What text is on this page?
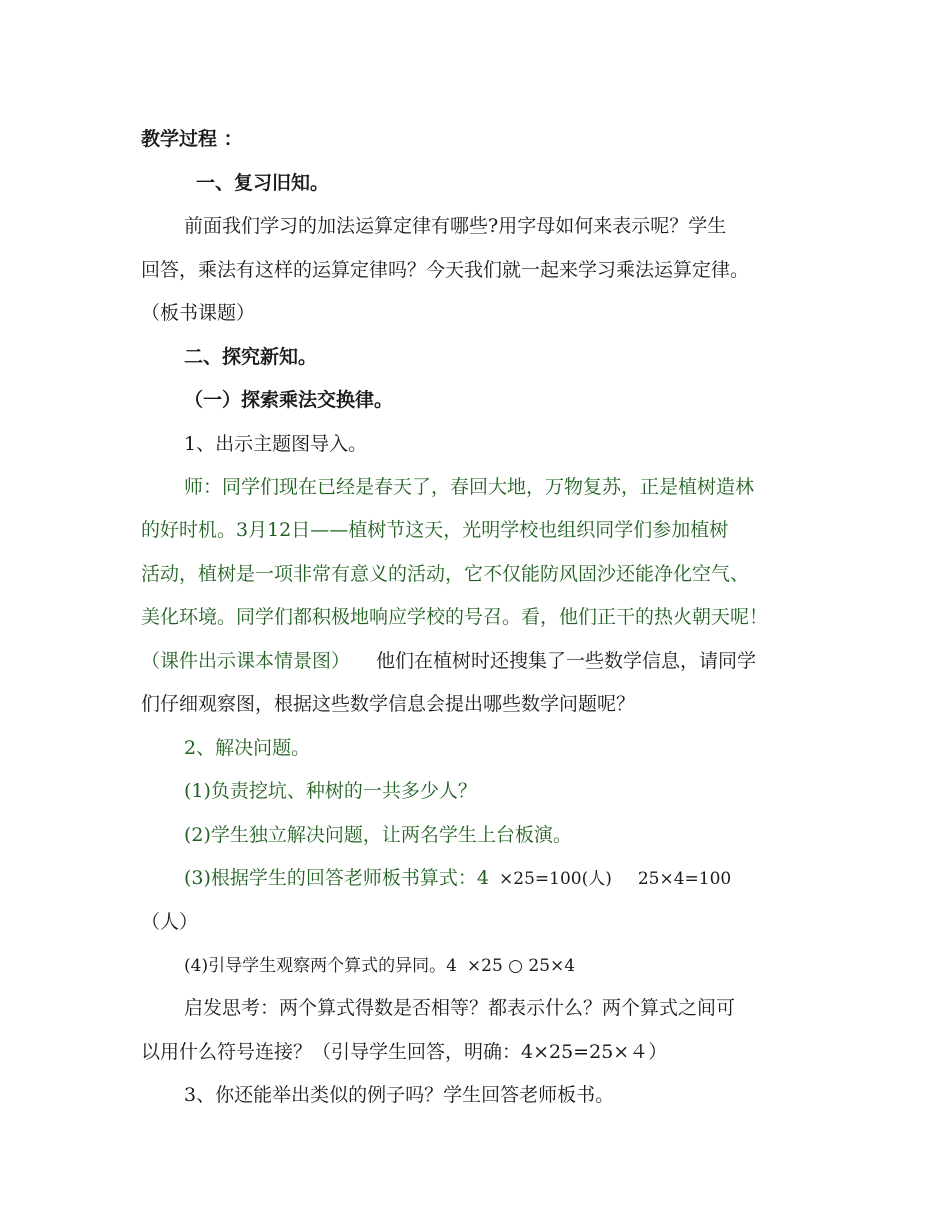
教学过程 ：
一、复习旧知。
前面我们学习的加法运算定律有哪些?用字母如何来表示呢？学生
回答，乘法有这样的运算定律吗？今天我们就一起来学习乘法运算定律。
（板书课题）
二、探究新知。
（一）探索乘法交换律。
1、出示主题图导入。
师：同学们现在已经是春天了，春回大地，万物复苏，正是植树造林
的好时机。3月12日——植树节这天，光明学校也组织同学们参加植树
活动，植树是一项非常有意义的活动，它不仅能防风固沙还能净化空气、
美化环境。同学们都积极地响应学校的号召。看，他们正干的热火朝天呢！
（课件出示课本情景图） 他们在植树时还搜集了一些数学信息，请同学
们仔细观察图，根据这些数学信息会提出哪些数学问题呢？
2、解决问题。
(1)负责挖坑、种树的一共多少人？
(2)学生独立解决问题，让两名学生上台板演。
(3)根据学生的回答老师板书算式：4 ×25=100(人) 25×4=100
（人）
(4)引导学生观察两个算式的异同。4 ×25 ○ 25×4
启发思考：两个算式得数是否相等？都表示什么？两个算式之间可
以用什么符号连接？（引导学生回答，明确：4×25=25×４）
3、你还能举出类似的例子吗？学生回答老师板书。
